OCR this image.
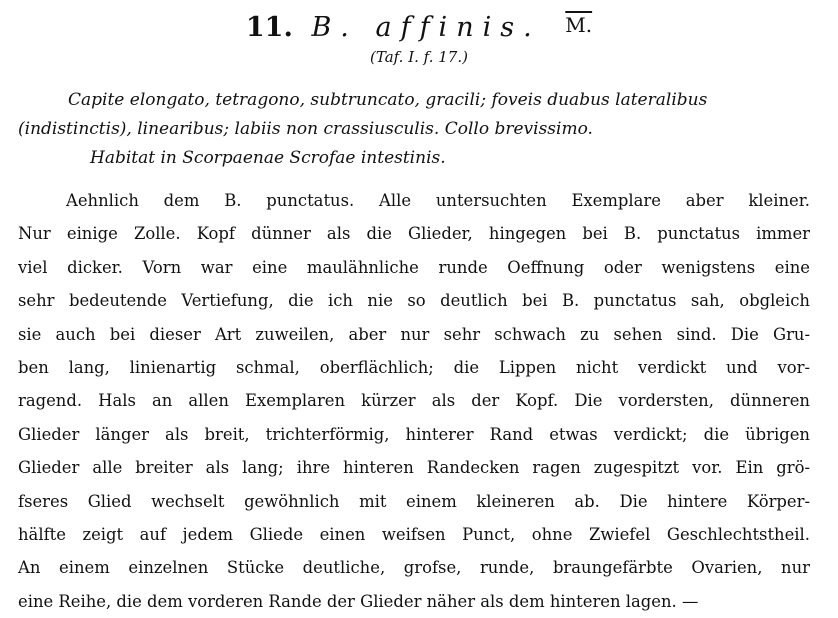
11. B. affinis. M.
(Taf. I. f. 17.)
Capite elongato, tetragono, subtruncato, gracili; foveis duabus lateralibus
(indistinctis), linearibus; labiis non crassiusculis. Collo brevissimo.
Habitat in Scorpaenae Scrofae intestinis.
Aehnlich dem B. punctatus. Alle untersuchten Exemplare aber kleiner.
Nur einige Zolle. Kopf dünner als die Glieder, hingegen bei B. punctatus immer
viel dicker. Vorn war eine maulähnliche runde Oeffnung oder wenigstens eine
sehr bedeutende Vertiefung, die ich nie so deutlich bei B. punctatus sah, obgleich
sie auch bei dieser Art zuweilen, aber nur sehr schwach zu sehen sind. Die Gru-
ben lang, linienartig schmal, oberflächlich; die Lippen nicht verdickt und vor-
ragend. Hals an allen Exemplaren kürzer als der Kopf. Die vordersten, dünneren
Glieder länger als breit, trichterförmig, hinterer Rand etwas verdickt; die übrigen
Glieder alle breiter als lang; ihre hinteren Randecken ragen zugespitzt vor. Ein grö-
fseres Glied wechselt gewöhnlich mit einem kleineren ab. Die hintere Körper-
hälfte zeigt auf jedem Gliede einen weifsen Punct, ohne Zwiefel Geschlechtstheil.
An einem einzelnen Stücke deutliche, grofse, runde, braungefärbte Ovarien, nur
eine Reihe, die dem vorderen Rande der Glieder näher als dem hinteren lagen. —
